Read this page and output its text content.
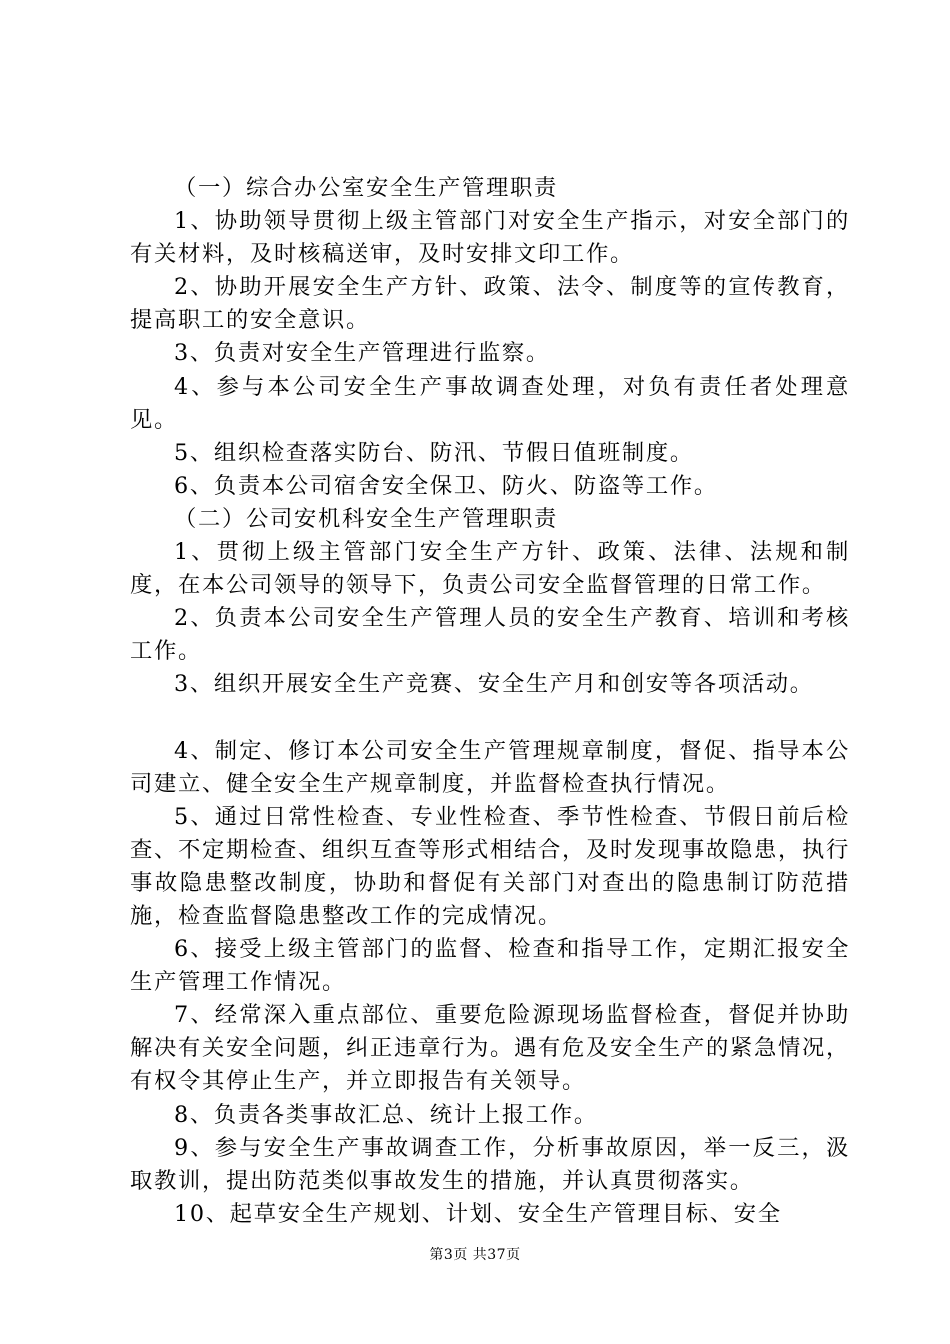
（一）综合办公室安全生产管理职责

1、协助领导贯彻上级主管部门对安全生产指示，对安全部门的有关材料，及时核稿送审，及时安排文印工作。

2、协助开展安全生产方针、政策、法令、制度等的宣传教育，提高职工的安全意识。

3、负责对安全生产管理进行监察。

4、参与本公司安全生产事故调查处理，对负有责任者处理意见。

5、组织检查落实防台、防汛、节假日值班制度。

6、负责本公司宿舍安全保卫、防火、防盗等工作。

（二）公司安机科安全生产管理职责

1、贯彻上级主管部门安全生产方针、政策、法律、法规和制度，在本公司领导的领导下，负责公司安全监督管理的日常工作。

2、负责本公司安全生产管理人员的安全生产教育、培训和考核工作。

3、组织开展安全生产竞赛、安全生产月和创安等各项活动。

4、制定、修订本公司安全生产管理规章制度，督促、指导本公司建立、健全安全生产规章制度，并监督检查执行情况。

5、通过日常性检查、专业性检查、季节性检查、节假日前后检查、不定期检查、组织互查等形式相结合，及时发现事故隐患，执行事故隐患整改制度，协助和督促有关部门对查出的隐患制订防范措施，检查监督隐患整改工作的完成情况。

6、接受上级主管部门的监督、检查和指导工作，定期汇报安全生产管理工作情况。

7、经常深入重点部位、重要危险源现场监督检查，督促并协助解决有关安全问题，纠正违章行为。遇有危及安全生产的紧急情况，有权令其停止生产，并立即报告有关领导。

8、负责各类事故汇总、统计上报工作。

9、参与安全生产事故调查工作，分析事故原因，举一反三，汲取教训，提出防范类似事故发生的措施，并认真贯彻落实。

10、起草安全生产规划、计划、安全生产管理目标、安全

第3页 共37页
